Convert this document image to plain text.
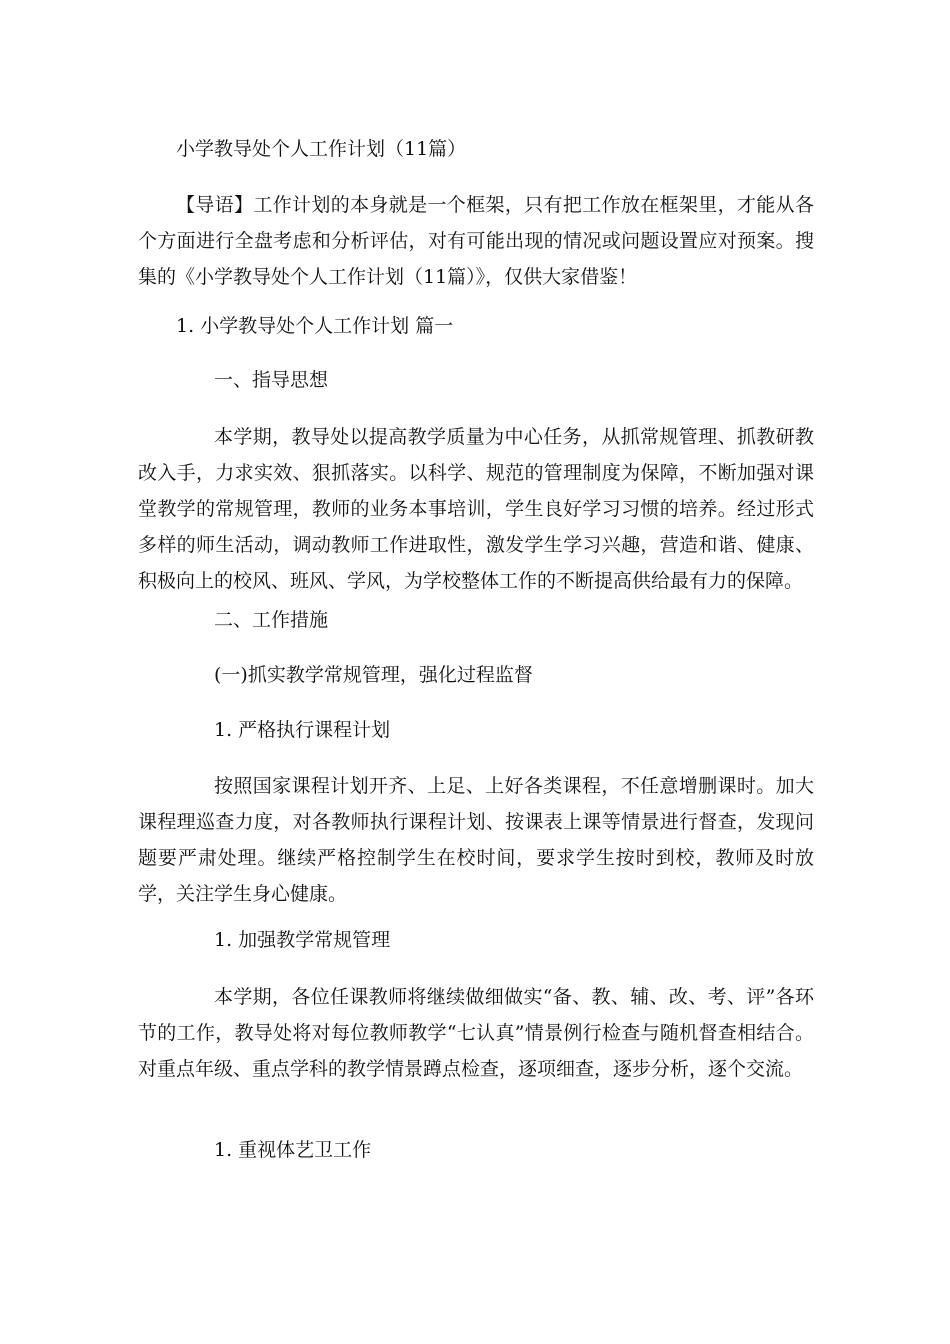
小学教导处个人工作计划（11篇）
【导语】工作计划的本身就是一个框架，只有把工作放在框架里，才能从各个方面进行全盘考虑和分析评估，对有可能出现的情况或问题设置应对预案。搜集的《小学教导处个人工作计划（11篇）》，仅供大家借鉴！
1. 小学教导处个人工作计划 篇一
一、指导思想
本学期，教导处以提高教学质量为中心任务，从抓常规管理、抓教研教改入手，力求实效、狠抓落实。以科学、规范的管理制度为保障，不断加强对课堂教学的常规管理，教师的业务本事培训，学生良好学习习惯的培养。经过形式多样的师生活动，调动教师工作进取性，激发学生学习兴趣，营造和谐、健康、积极向上的校风、班风、学风，为学校整体工作的不断提高供给最有力的保障。
二、工作措施
(一)抓实教学常规管理，强化过程监督
1. 严格执行课程计划
按照国家课程计划开齐、上足、上好各类课程，不任意增删课时。加大课程理巡查力度，对各教师执行课程计划、按课表上课等情景进行督查，发现问题要严肃处理。继续严格控制学生在校时间，要求学生按时到校，教师及时放学，关注学生身心健康。
1. 加强教学常规管理
本学期，各位任课教师将继续做细做实“备、教、辅、改、考、评”各环节的工作，教导处将对每位教师教学“七认真”情景例行检查与随机督查相结合。对重点年级、重点学科的教学情景蹲点检查，逐项细查，逐步分析，逐个交流。
1. 重视体艺卫工作
